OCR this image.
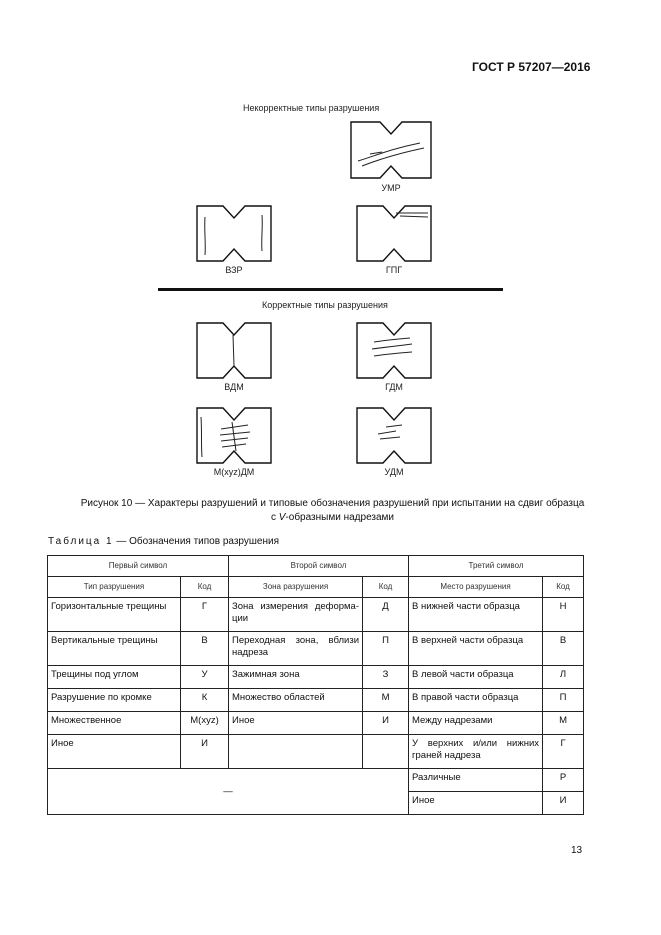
ГОСТ Р 57207—2016
Некорректные типы разрушения
УМР
ВЗР	ГПГ
Корректные типы разрушения
ВДМ	ГДМ
М(xyz)ДМ	УДМ
Рисунок 10 — Характеры разрушений и типовые обозначения разрушений при испытании на сдвиг образца
с V-образными надрезами
Таблица 1 — Обозначения типов разрушения
Первый символ		Второй символ		Третий символ	
Тип разрушения	Код	Зона разрушения	Код	Место разрушения	Код
Горизонтальные трещины	Г	Зона измерения деформа-ции	Д	В нижней части образца	Н
Вертикальные трещины	В	Переходная зона, вблизи надреза	П	В верхней части образца	В
Трещины под углом	У	Зажимная зона	З	В левой части образца	Л
Разрушение по кромке	К	Множество областей	М	В правой части образца	П
Множественное	М(xyz)	Иное	И	Между надрезами	М
Иное	И			У верхних и/или нижних граней надреза	Г
—				Различные	Р
				Иное	И
13
